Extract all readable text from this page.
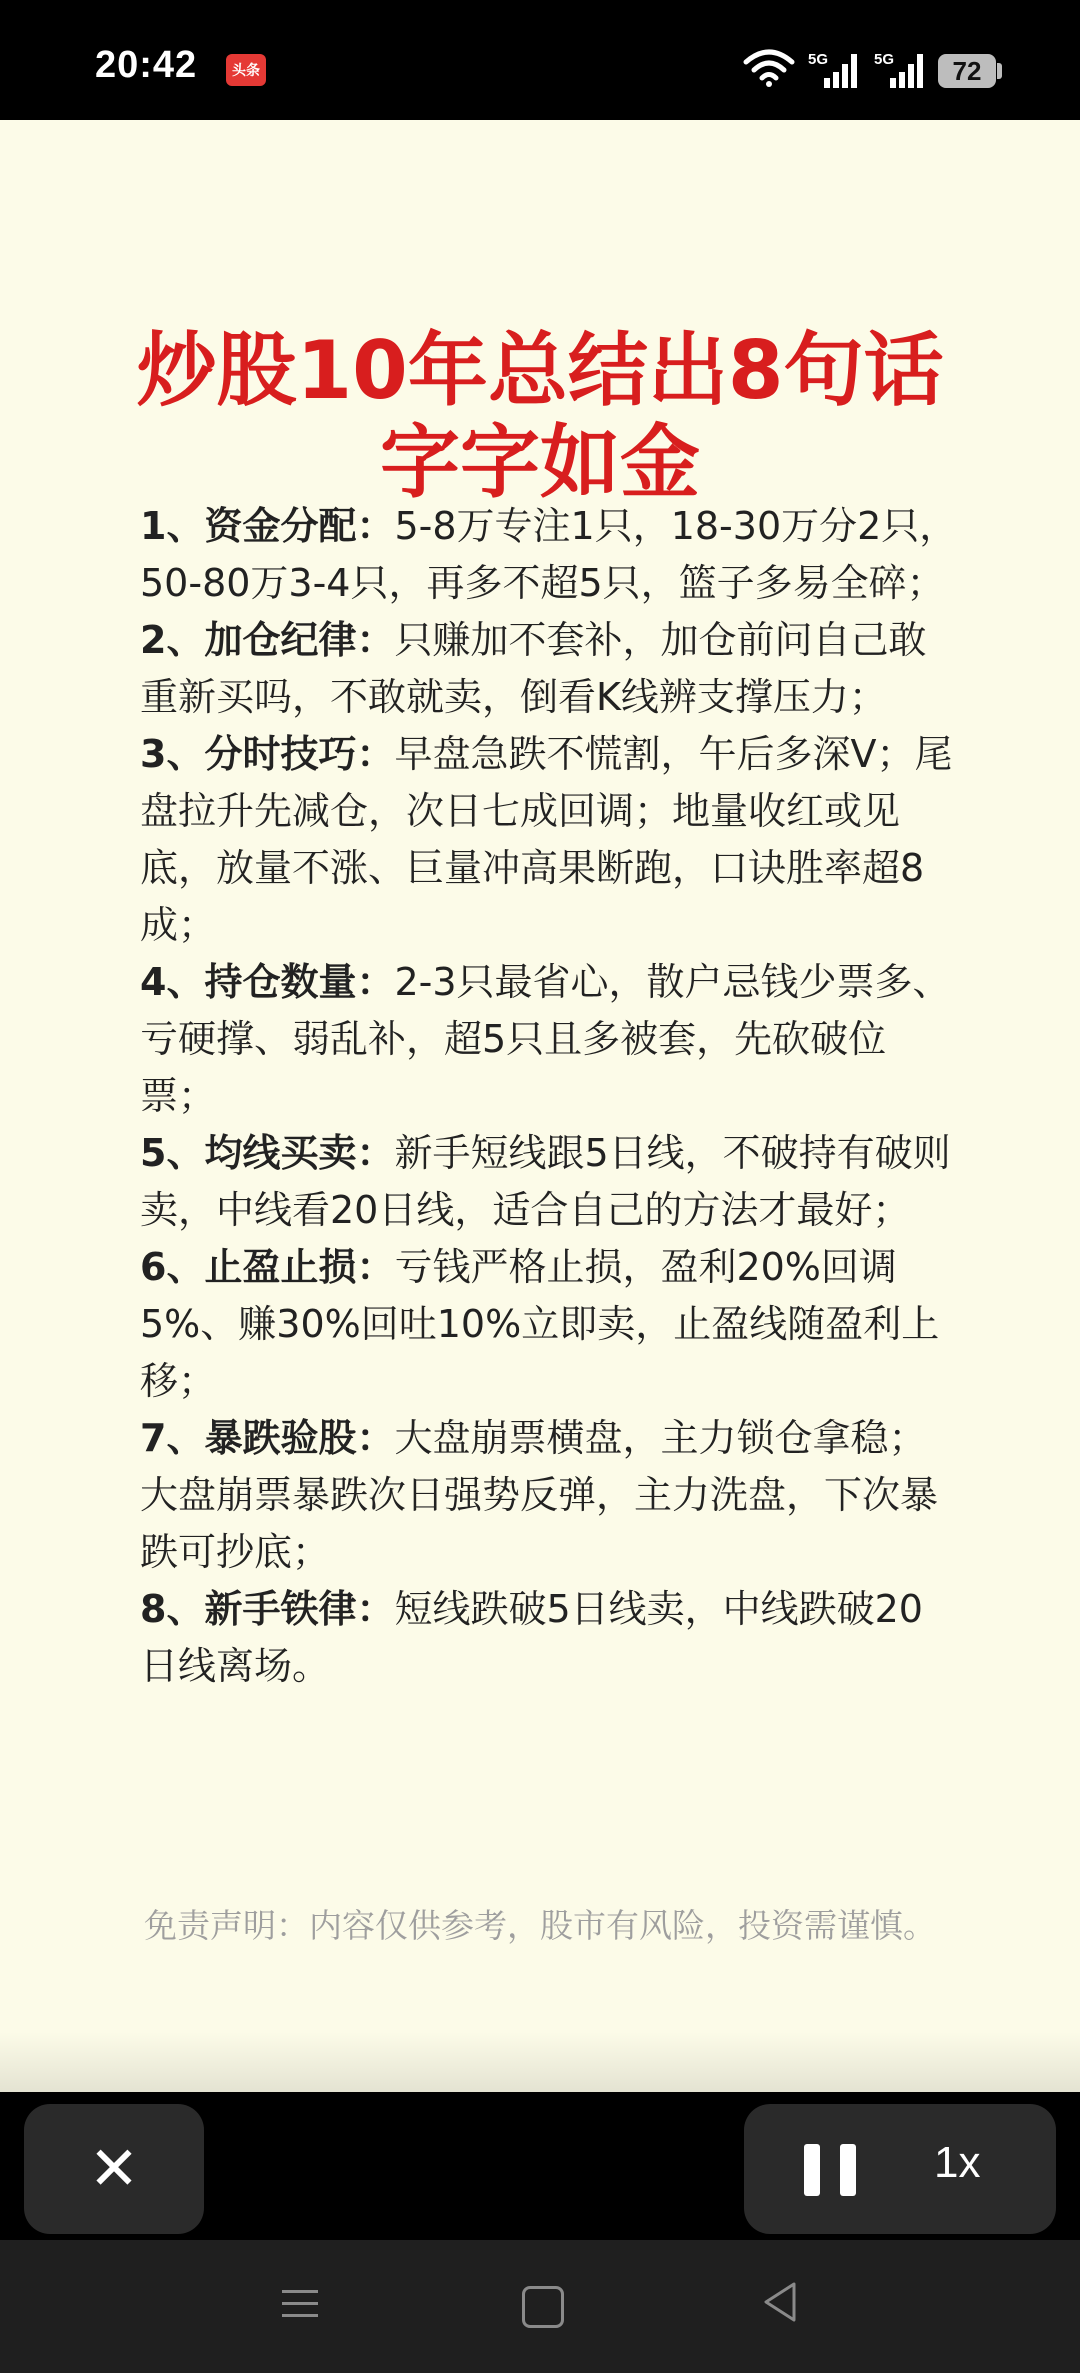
20:42	头条
5G	5G	72
炒股10年总结出8句话
字字如金

1、资金分配：5-8万专注1只，18-30万分2只，50-80万3-4只，再多不超5只，篮子多易全碎；

2、加仓纪律：只赚加不套补，加仓前问自己敢重新买吗，不敢就卖，倒看K线辨支撑压力；

3、分时技巧：早盘急跌不慌割，午后多深V；尾盘拉升先减仓，次日七成回调；地量收红或见底，放量不涨、巨量冲高果断跑，口诀胜率超8成；

4、持仓数量：2-3只最省心，散户忌钱少票多、亏硬撑、弱乱补，超5只且多被套，先砍破位票；

5、均线买卖：新手短线跟5日线，不破持有破则卖，中线看20日线，适合自己的方法才最好；

6、止盈止损：亏钱严格止损，盈利20%回调5%、赚30%回吐10%立即卖，止盈线随盈利上移；

7、暴跌验股：大盘崩票横盘，主力锁仓拿稳；大盘崩票暴跌次日强势反弹，主力洗盘，下次暴跌可抄底；

8、新手铁律：短线跌破5日线卖，中线跌破20日线离场。

免责声明：内容仅供参考，股市有风险，投资需谨慎。
✕	1x
